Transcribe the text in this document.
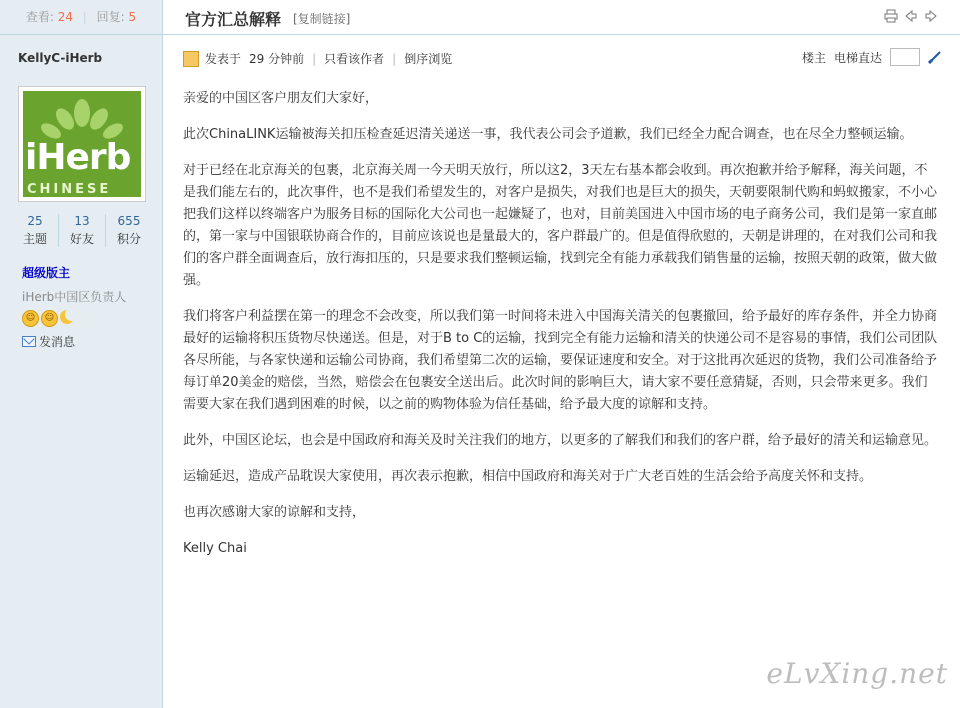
查看: 24 | 回复: 5
KellyC-iHerb
iHerb
CHINESE
25
主题
13
好友
655
积分
超级版主
iHerb中国区负责人
☺	☺
发消息
官方汇总解释 [复制链接]
发表于 29 分钟前 | 只看该作者 | 倒序浏览	楼主 电梯直达

亲爱的中国区客户朋友们大家好，

此次ChinaLINK运输被海关扣压检查延迟清关递送一事，我代表公司会予道歉，我们已经全力配合调查，也在尽全力整顿运输。

对于已经在北京海关的包裹，北京海关周一今天明天放行，所以这2，3天左右基本都会收到。再次抱歉并给予解释，海关问题，不是我们能左右的，此次事件，也不是我们希望发生的，对客户是损失，对我们也是巨大的损失，天朝要限制代购和蚂蚁搬家，不小心把我们这样以终端客户为服务目标的国际化大公司也一起嫌疑了，也对，目前美国进入中国市场的电子商务公司，我们是第一家直邮的，第一家与中国银联协商合作的，目前应该说也是量最大的，客户群最广的。但是值得欣慰的，天朝是讲理的，在对我们公司和我们的客户群全面调查后，放行海扣压的，只是要求我们整顿运输，找到完全有能力承载我们销售量的运输，按照天朝的政策，做大做强。

我们将客户利益摆在第一的理念不会改变，所以我们第一时间将未进入中国海关清关的包裹撤回，给予最好的库存条件，并全力协商最好的运输将积压货物尽快递送。但是，对于B to C的运输，找到完全有能力运输和清关的快递公司不是容易的事情，我们公司团队各尽所能，与各家快递和运输公司协商，我们希望第二次的运输，要保证速度和安全。对于这批再次延迟的货物，我们公司准备给予每订单20美金的赔偿，当然，赔偿会在包裹安全送出后。此次时间的影响巨大，请大家不要任意猜疑，否则，只会带来更多。我们需要大家在我们遇到困难的时候，以之前的购物体验为信任基础，给予最大度的谅解和支持。

此外，中国区论坛，也会是中国政府和海关及时关注我们的地方，以更多的了解我们和我们的客户群，给予最好的清关和运输意见。

运输延迟，造成产品耽误大家使用，再次表示抱歉，相信中国政府和海关对于广大老百姓的生活会给予高度关怀和支持。

也再次感谢大家的谅解和支持，

Kelly Chai

eLvXing.net
